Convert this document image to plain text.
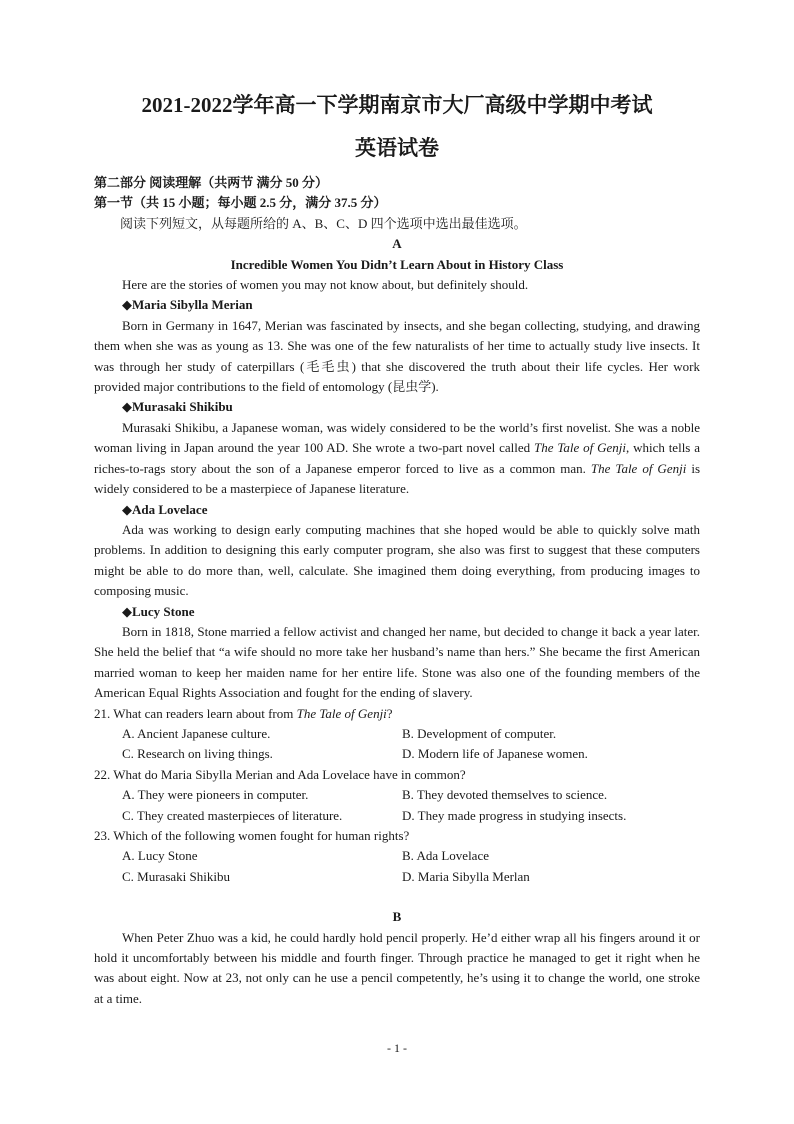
2021-2022学年高一下学期南京市大厂高级中学期中考试

英语试卷

第二部分 阅读理解（共两节 满分 50 分）

第一节（共 15 小题；每小题 2.5 分，满分 37.5 分）

阅读下列短文，从每题所给的 A、B、C、D 四个选项中选出最佳选项。

A

Incredible Women You Didn’t Learn About in History Class

Here are the stories of women you may not know about, but definitely should.

◆Maria Sibylla Merian

Born in Germany in 1647, Merian was fascinated by insects, and she began collecting, studying, and drawing them when she was as young as 13. She was one of the few naturalists of her time to actually study live insects. It was through her study of caterpillars (毛毛虫) that she discovered the truth about their life cycles. Her work provided major contributions to the field of entomology (昆虫学).

◆Murasaki Shikibu

Murasaki Shikibu, a Japanese woman, was widely considered to be the world’s first novelist. She was a noble woman living in Japan around the year 100 AD. She wrote a two-part novel called The Tale of Genji, which tells a riches-to-rags story about the son of a Japanese emperor forced to live as a common man. The Tale of Genji is widely considered to be a masterpiece of Japanese literature.

◆Ada Lovelace

Ada was working to design early computing machines that she hoped would be able to quickly solve math problems. In addition to designing this early computer program, she also was first to suggest that these computers might be able to do more than, well, calculate. She imagined them doing everything, from producing images to composing music.

◆Lucy Stone

Born in 1818, Stone married a fellow activist and changed her name, but decided to change it back a year later. She held the belief that “a wife should no more take her husband’s name than hers.” She became the first American married woman to keep her maiden name for her entire life. Stone was also one of the founding members of the American Equal Rights Association and fought for the ending of slavery.

21. What can readers learn about from The Tale of Genji?

A. Ancient Japanese culture.	B. Development of computer.
C. Research on living things.	D. Modern life of Japanese women.

22. What do Maria Sibylla Merian and Ada Lovelace have in common?

A. They were pioneers in computer.	B. They devoted themselves to science.
C. They created masterpieces of literature.	D. They made progress in studying insects.

23. Which of the following women fought for human rights?

A. Lucy Stone	B. Ada Lovelace
C. Murasaki Shikibu	D. Maria Sibylla Merlan

B

When Peter Zhuo was a kid, he could hardly hold pencil properly. He’d either wrap all his fingers around it or hold it uncomfortably between his middle and fourth finger. Through practice he managed to get it right when he was about eight. Now at 23, not only can he use a pencil competently, he’s using it to change the world, one stroke at a time.

- 1 -
